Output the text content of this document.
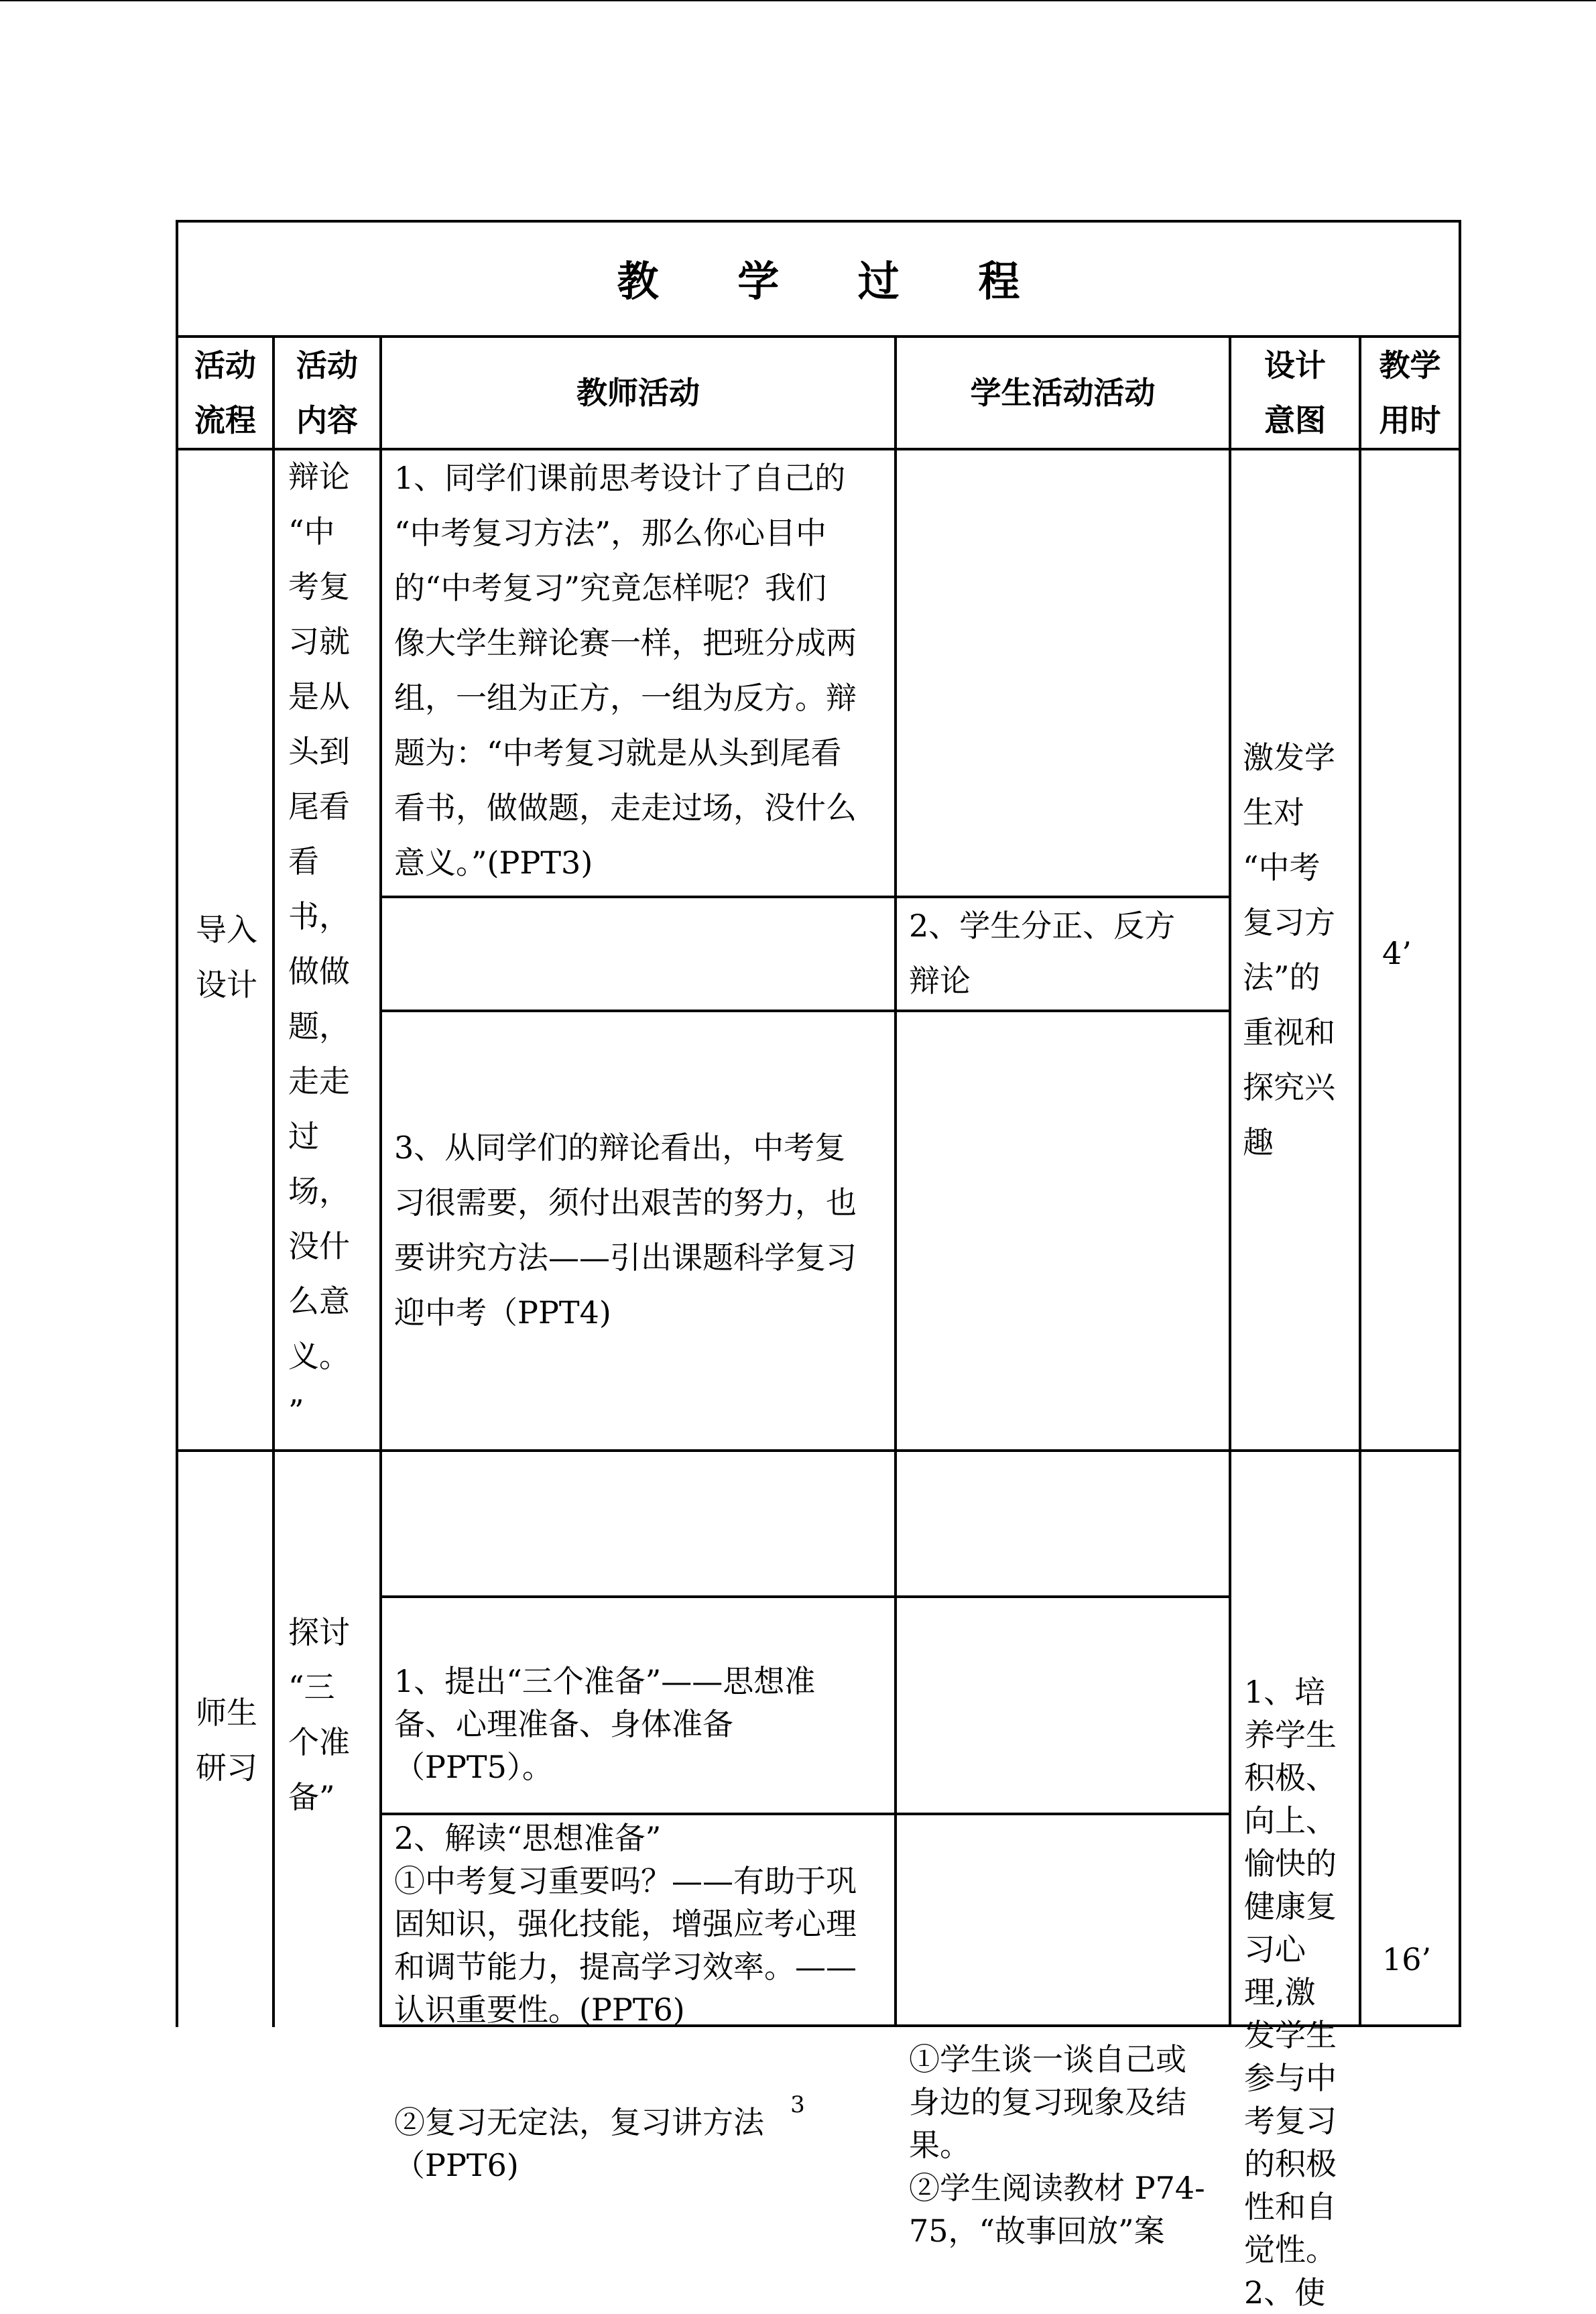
教 学 过 程
活动
流程
活动
内容
教师活动	学生活动活动
设计
意图
教学
用时
导入
设计
辩论
“中
考复
习就
是从
头到
尾看
看
书，
做做
题，
走走
过
场，
没什
么意
义。
”
1、同学们课前思考设计了自己的
“中考复习方法”，那么你心目中
的“中考复习”究竟怎样呢？我们
像大学生辩论赛一样，把班分成两
组，一组为正方，一组为反方。辩
题为：“中考复习就是从头到尾看
看书，做做题，走走过场，没什么
意义。”(PPT3)
2、学生分正、反方
辩论
3、从同学们的辩论看出，中考复
习很需要，须付出艰苦的努力，也
要讲究方法——引出课题科学复习
迎中考（PPT4)
激发学
生对
“中考
复习方
法”的
重视和
探究兴
趣
4’
师生
研习
探讨
“三
个准
备”
1、提出“三个准备”——思想准
备、心理准备、身体准备
（PPT5）。
2、解读“思想准备”
①中考复习重要吗？——有助于巩
固知识，强化技能，增强应考心理
和调节能力，提高学习效率。——
认识重要性。(PPT6)
②复习无定法，复习讲方法
（PPT6)
①学生谈一谈自己或
身边的复习现象及结
果。
②学生阅读教材 P74-
75，“故事回放”案
1、培
养学生
积极、
向上、
愉快的
健康复
习心
理,激
发学生
参与中
考复习
的积极
性和自
觉性。
2、使
16’
3
